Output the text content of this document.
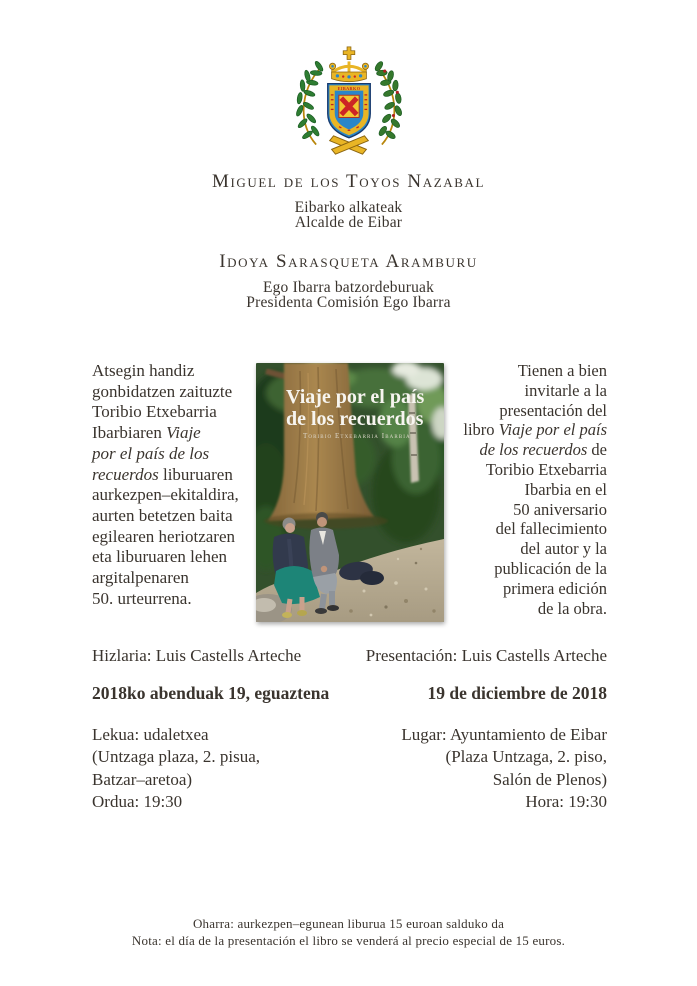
EIBARKO
Miguel de los Toyos Nazabal
Eibarko alkateak
Alcalde de Eibar
Idoya Sarasqueta Aramburu
Ego Ibarra batzordeburuak
Presidenta Comisión Ego Ibarra
Atsegin handiz
gonbidatzen zaituzte
Toribio Etxebarria
Ibarbiaren Viaje
por el país de los
recuerdos liburuaren
aurkezpen–ekitaldira,
aurten betetzen baita
egilearen heriotzaren
eta liburuaren lehen
argitalpenaren
50. urteurrena.
Viaje por el país
de los recuerdos
Toribio Etxebarria Ibarbia
Tienen a bien
invitarle a la
presentación del
libro Viaje por el país
de los recuerdos de
Toribio Etxebarria
Ibarbia en el
50 aniversario
del fallecimiento
del autor y la
publicación de la
primera edición
de la obra.
Hizlaria: Luis Castells Arteche
2018ko abenduak 19, eguaztena
Lekua: udaletxea
(Untzaga plaza, 2. pisua,
Batzar–aretoa)
Ordua: 19:30
Presentación: Luis Castells Arteche
19 de diciembre de 2018
Lugar: Ayuntamiento de Eibar
(Plaza Untzaga, 2. piso,
Salón de Plenos)
Hora: 19:30
Oharra: aurkezpen–egunean liburua 15 euroan salduko da
Nota: el día de la presentación el libro se venderá al precio especial de 15 euros.
